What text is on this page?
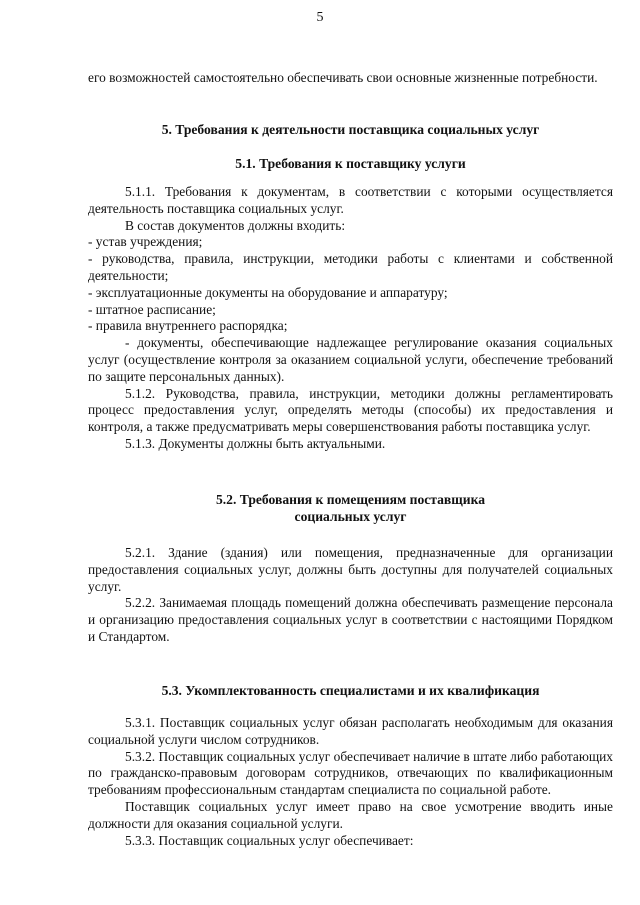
5

его возможностей самостоятельно обеспечивать свои основные жизненные потребности.

5. Требования к деятельности поставщика социальных услуг
5.1. Требования к поставщику услуги

5.1.1. Требования к документам, в соответствии с которыми осуществляется деятельность поставщика социальных услуг.

В состав документов должны входить:

- устав учреждения;

- руководства, правила, инструкции, методики работы с клиентами и собственной деятельности;

- эксплуатационные документы на оборудование и аппаратуру;

- штатное расписание;

- правила внутреннего распорядка;

- документы, обеспечивающие надлежащее регулирование оказания социальных услуг (осуществление контроля за оказанием социальной услуги, обеспечение требований по защите персональных данных).

5.1.2. Руководства, правила, инструкции, методики должны регламентировать процесс предоставления услуг, определять методы (способы) их предоставления и контроля, а также предусматривать меры совершенствования работы поставщика услуг.

5.1.3. Документы должны быть актуальными.

5.2. Требования к помещениям поставщика
социальных услуг

5.2.1. Здание (здания) или помещения, предназначенные для организации предоставления социальных услуг, должны быть доступны для получателей социальных услуг.

5.2.2. Занимаемая площадь помещений должна обеспечивать размещение персонала и организацию предоставления социальных услуг в соответствии с настоящими Порядком и Стандартом.

5.3. Укомплектованность специалистами и их квалификация

5.3.1. Поставщик социальных услуг обязан располагать необходимым для оказания социальной услуги числом сотрудников.

5.3.2. Поставщик социальных услуг обеспечивает наличие в штате либо работающих по гражданско-правовым договорам сотрудников, отвечающих по квалификационным требованиям профессиональным стандартам специалиста по социальной работе.

Поставщик социальных услуг имеет право на свое усмотрение вводить иные должности для оказания социальной услуги.

5.3.3. Поставщик социальных услуг обеспечивает:
